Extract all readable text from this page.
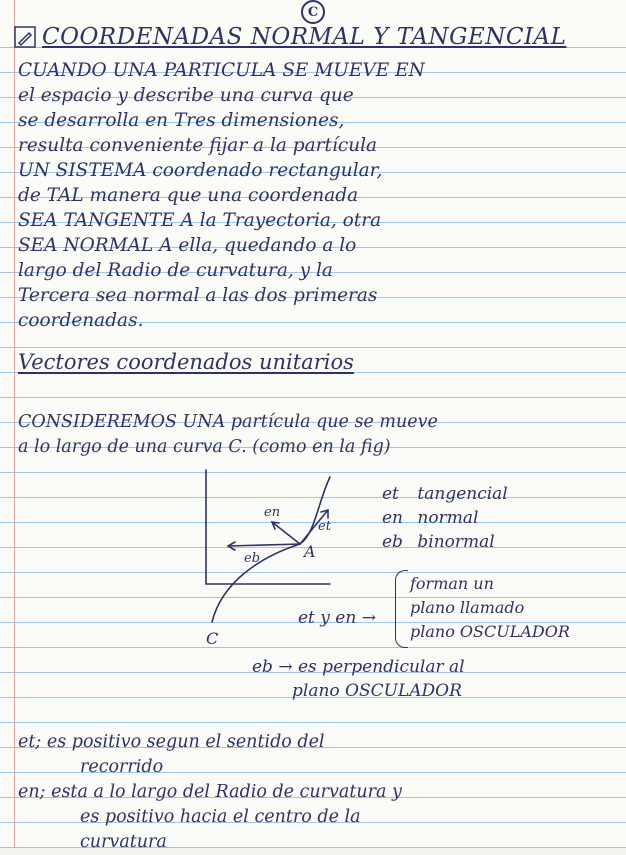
C
COORDENADAS NORMAL Y TANGENCIAL
CUANDO UNA PARTICULA SE MUEVE EN
el espacio y describe una curva que
se desarrolla en Tres dimensiones,
resulta conveniente fijar a la partícula
UN SISTEMA coordenado rectangular,
de TAL manera que una coordenada
SEA TANGENTE A la Trayectoria, otra
SEA NORMAL A ella, quedando a lo
largo del Radio de curvatura, y la
Tercera sea normal a las dos primeras
coordenadas.
Vectores coordenados unitarios
CONSIDEREMOS UNA partícula que se mueve
a lo largo de una curva C. (como en la fig)
A
C
et
en
eb
et tangencial
en normal
eb binormal
et y en →
forman un
plano llamado
plano OSCULADOR
eb → es perpendicular al
plano OSCULADOR
et; es positivo segun el sentido del
recorrido
en; esta a lo largo del Radio de curvatura y
es positivo hacia el centro de la
curvatura
